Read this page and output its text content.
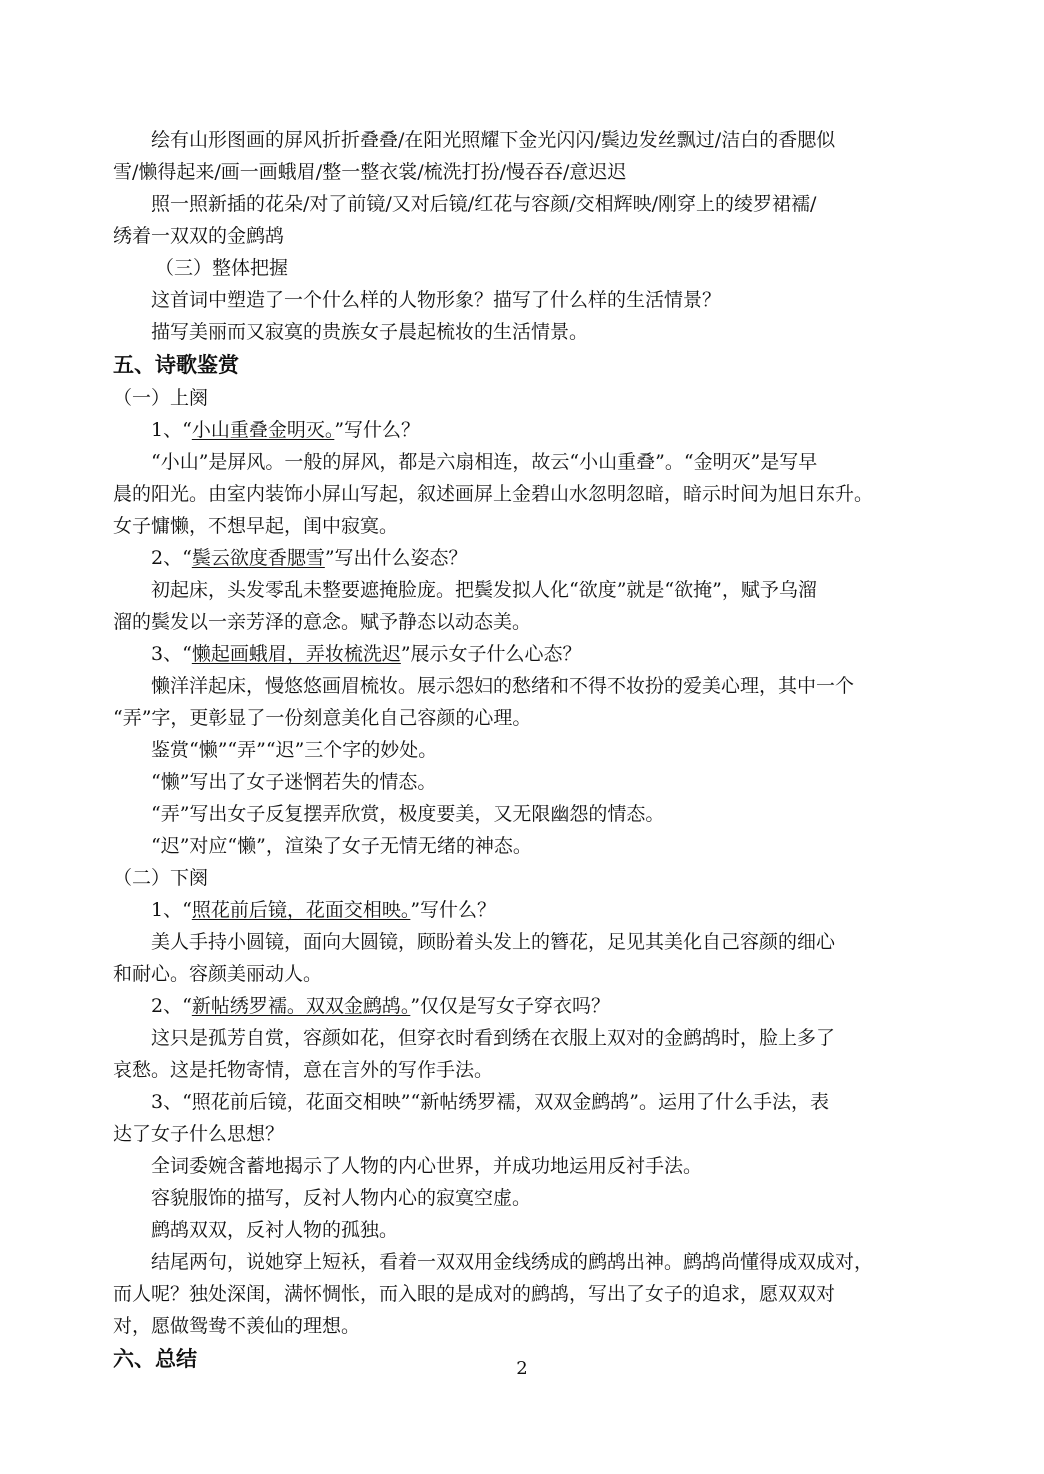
绘有山形图画的屏风折折叠叠/在阳光照耀下金光闪闪/鬓边发丝飘过/洁白的香腮似

雪/懒得起来/画一画蛾眉/整一整衣裳/梳洗打扮/慢吞吞/意迟迟

照一照新插的花朵/对了前镜/又对后镜/红花与容颜/交相辉映/刚穿上的绫罗裙襦/

绣着一双双的金鹧鸪

（三）整体把握

这首词中塑造了一个什么样的人物形象？描写了什么样的生活情景？

描写美丽而又寂寞的贵族女子晨起梳妆的生活情景。

五、诗歌鉴赏

（一）上阕

1、“小山重叠金明灭。”写什么？

“小山”是屏风。一般的屏风，都是六扇相连，故云“小山重叠”。“金明灭”是写早

晨的阳光。由室内装饰小屏山写起，叙述画屏上金碧山水忽明忽暗，暗示时间为旭日东升。

女子慵懒，不想早起，闺中寂寞。

2、“鬓云欲度香腮雪”写出什么姿态？

初起床，头发零乱未整要遮掩脸庞。把鬓发拟人化“欲度”就是“欲掩”，赋予乌溜

溜的鬓发以一亲芳泽的意念。赋予静态以动态美。

3、“懒起画蛾眉，弄妆梳洗迟”展示女子什么心态？

懒洋洋起床，慢悠悠画眉梳妆。展示怨妇的愁绪和不得不妆扮的爱美心理，其中一个

“弄”字，更彰显了一份刻意美化自己容颜的心理。

鉴赏“懒”“弄”“迟”三个字的妙处。

“懒”写出了女子迷惘若失的情态。

“弄”写出女子反复摆弄欣赏，极度要美，又无限幽怨的情态。

“迟”对应“懒”，渲染了女子无情无绪的神态。

（二）下阕

1、“照花前后镜，花面交相映。”写什么？

美人手持小圆镜，面向大圆镜，顾盼着头发上的簪花，足见其美化自己容颜的细心

和耐心。容颜美丽动人。

2、“新帖绣罗襦。双双金鹧鸪。”仅仅是写女子穿衣吗？

这只是孤芳自赏，容颜如花，但穿衣时看到绣在衣服上双对的金鹧鸪时，脸上多了

哀愁。这是托物寄情，意在言外的写作手法。

3、“照花前后镜，花面交相映”“新帖绣罗襦，双双金鹧鸪”。运用了什么手法，表

达了女子什么思想？

全词委婉含蓄地揭示了人物的内心世界，并成功地运用反衬手法。

容貌服饰的描写，反衬人物内心的寂寞空虚。

鹧鸪双双，反衬人物的孤独。

结尾两句，说她穿上短袄，看着一双双用金线绣成的鹧鸪出神。鹧鸪尚懂得成双成对，

而人呢？独处深闺，满怀惆怅，而入眼的是成对的鹧鸪，写出了女子的追求，愿双双对

对，愿做鸳鸯不羡仙的理想。

六、总结	2
